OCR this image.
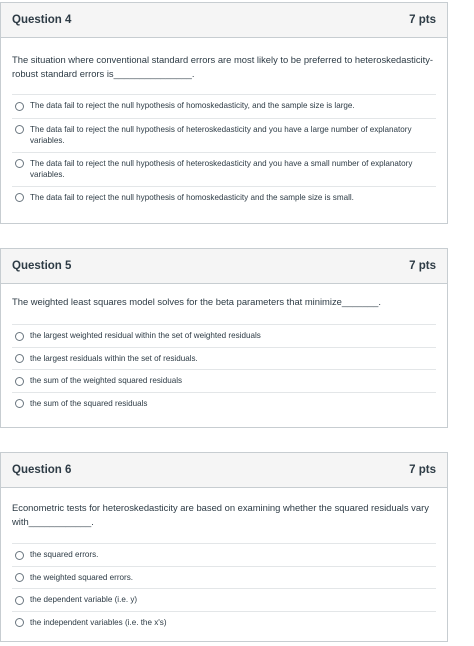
Question 4	7 pts

The situation where conventional standard errors are most likely to be preferred to heteroskedasticity-robust standard errors is_______________.

The data fail to reject the null hypothesis of homoskedasticity, and the sample size is large.
The data fail to reject the null hypothesis of heteroskedasticity and you have a large number of explanatory variables.
The data fail to reject the null hypothesis of heteroskedasticity and you have a small number of explanatory variables.
The data fail to reject the null hypothesis of homoskedasticity and the sample size is small.
Question 5	7 pts

The weighted least squares model solves for the beta parameters that minimize_______.

the largest weighted residual within the set of weighted residuals
the largest residuals within the set of residuals.
the sum of the weighted squared residuals
the sum of the squared residuals
Question 6	7 pts

Econometric tests for heteroskedasticity are based on examining whether the squared residuals vary with____________.

the squared errors.
the weighted squared errors.
the dependent variable (i.e. y)
the independent variables (i.e. the x's)
